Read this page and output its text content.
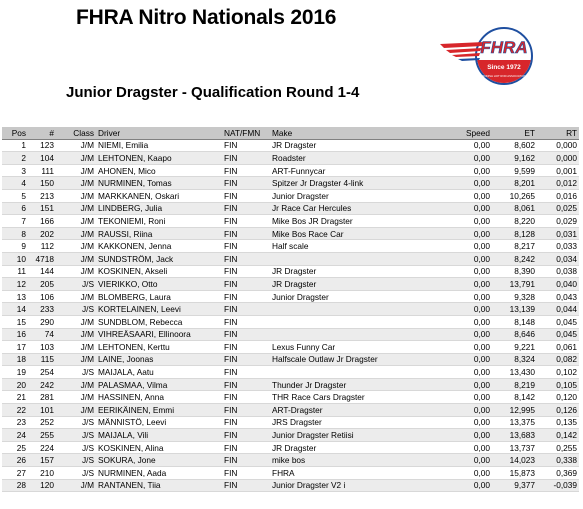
FHRA Nitro Nationals 2016
FHRA
Since 1972
FINNISH HOT ROD ASSOCIATION
Junior Dragster - Qualification Round 1-4
Pos	#	Class	Driver	NAT/FMN	Make	Speed	ET	RT
1	123	J/M	NIEMI, Emilia	FIN	JR Dragster	0,00	8,602	0,000
2	104	J/M	LEHTONEN, Kaapo	FIN	Roadster	0,00	9,162	0,000
3	111	J/M	AHONEN, Mico	FIN	ART-Funnycar	0,00	9,599	0,001
4	150	J/M	NURMINEN, Tomas	FIN	Spitzer Jr Dragster 4-link	0,00	8,201	0,012
5	213	J/M	MARKKANEN, Oskari	FIN	Junior Dragster	0,00	10,265	0,016
6	151	J/M	LINDBERG, Julia	FIN	Jr Race Car Hercules	0,00	8,061	0,025
7	166	J/M	TEKONIEMI, Roni	FIN	Mike Bos JR Dragster	0,00	8,220	0,029
8	202	J/M	RAUSSI, Riina	FIN	Mike Bos Race Car	0,00	8,128	0,031
9	112	J/M	KAKKONEN, Jenna	FIN	Half scale	0,00	8,217	0,033
10	4718	J/M	SUNDSTRÖM, Jack	FIN		0,00	8,242	0,034
11	144	J/M	KOSKINEN, Akseli	FIN	JR Dragster	0,00	8,390	0,038
12	205	J/S	VIERIKKO, Otto	FIN	JR Dragster	0,00	13,791	0,040
13	106	J/M	BLOMBERG, Laura	FIN	Junior Dragster	0,00	9,328	0,043
14	233	J/S	KORTELAINEN, Leevi	FIN		0,00	13,139	0,044
15	290	J/M	SUNDBLOM, Rebecca	FIN		0,00	8,148	0,045
16	74	J/M	VIHREÄSAARI, Ellinoora	FIN		0,00	8,646	0,045
17	103	J/M	LEHTONEN, Kerttu	FIN	Lexus Funny Car	0,00	9,221	0,061
18	115	J/M	LAINE, Joonas	FIN	Halfscale Outlaw Jr Dragster	0,00	8,324	0,082
19	254	J/S	MAIJALA, Aatu	FIN		0,00	13,430	0,102
20	242	J/M	PALASMAA, Vilma	FIN	Thunder Jr Dragster	0,00	8,219	0,105
21	281	J/M	HASSINEN, Anna	FIN	THR Race Cars Dragster	0,00	8,142	0,120
22	101	J/M	EERIKÄINEN, Emmi	FIN	ART-Dragster	0,00	12,995	0,126
23	252	J/S	MÄNNISTÖ, Leevi	FIN	JRS Dragster	0,00	13,375	0,135
24	255	J/S	MAIJALA, Vili	FIN	Junior Dragster Retiisi	0,00	13,683	0,142
25	224	J/S	KOSKINEN, Alina	FIN	JR Dragster	0,00	13,737	0,255
26	157	J/S	SOKURA, Jone	FIN	mike bos	0,00	14,023	0,338
27	210	J/S	NURMINEN, Aada	FIN	FHRA	0,00	15,873	0,369
28	120	J/M	RANTANEN, Tiia	FIN	Junior Dragster V2 i	0,00	9,377	-0,039
